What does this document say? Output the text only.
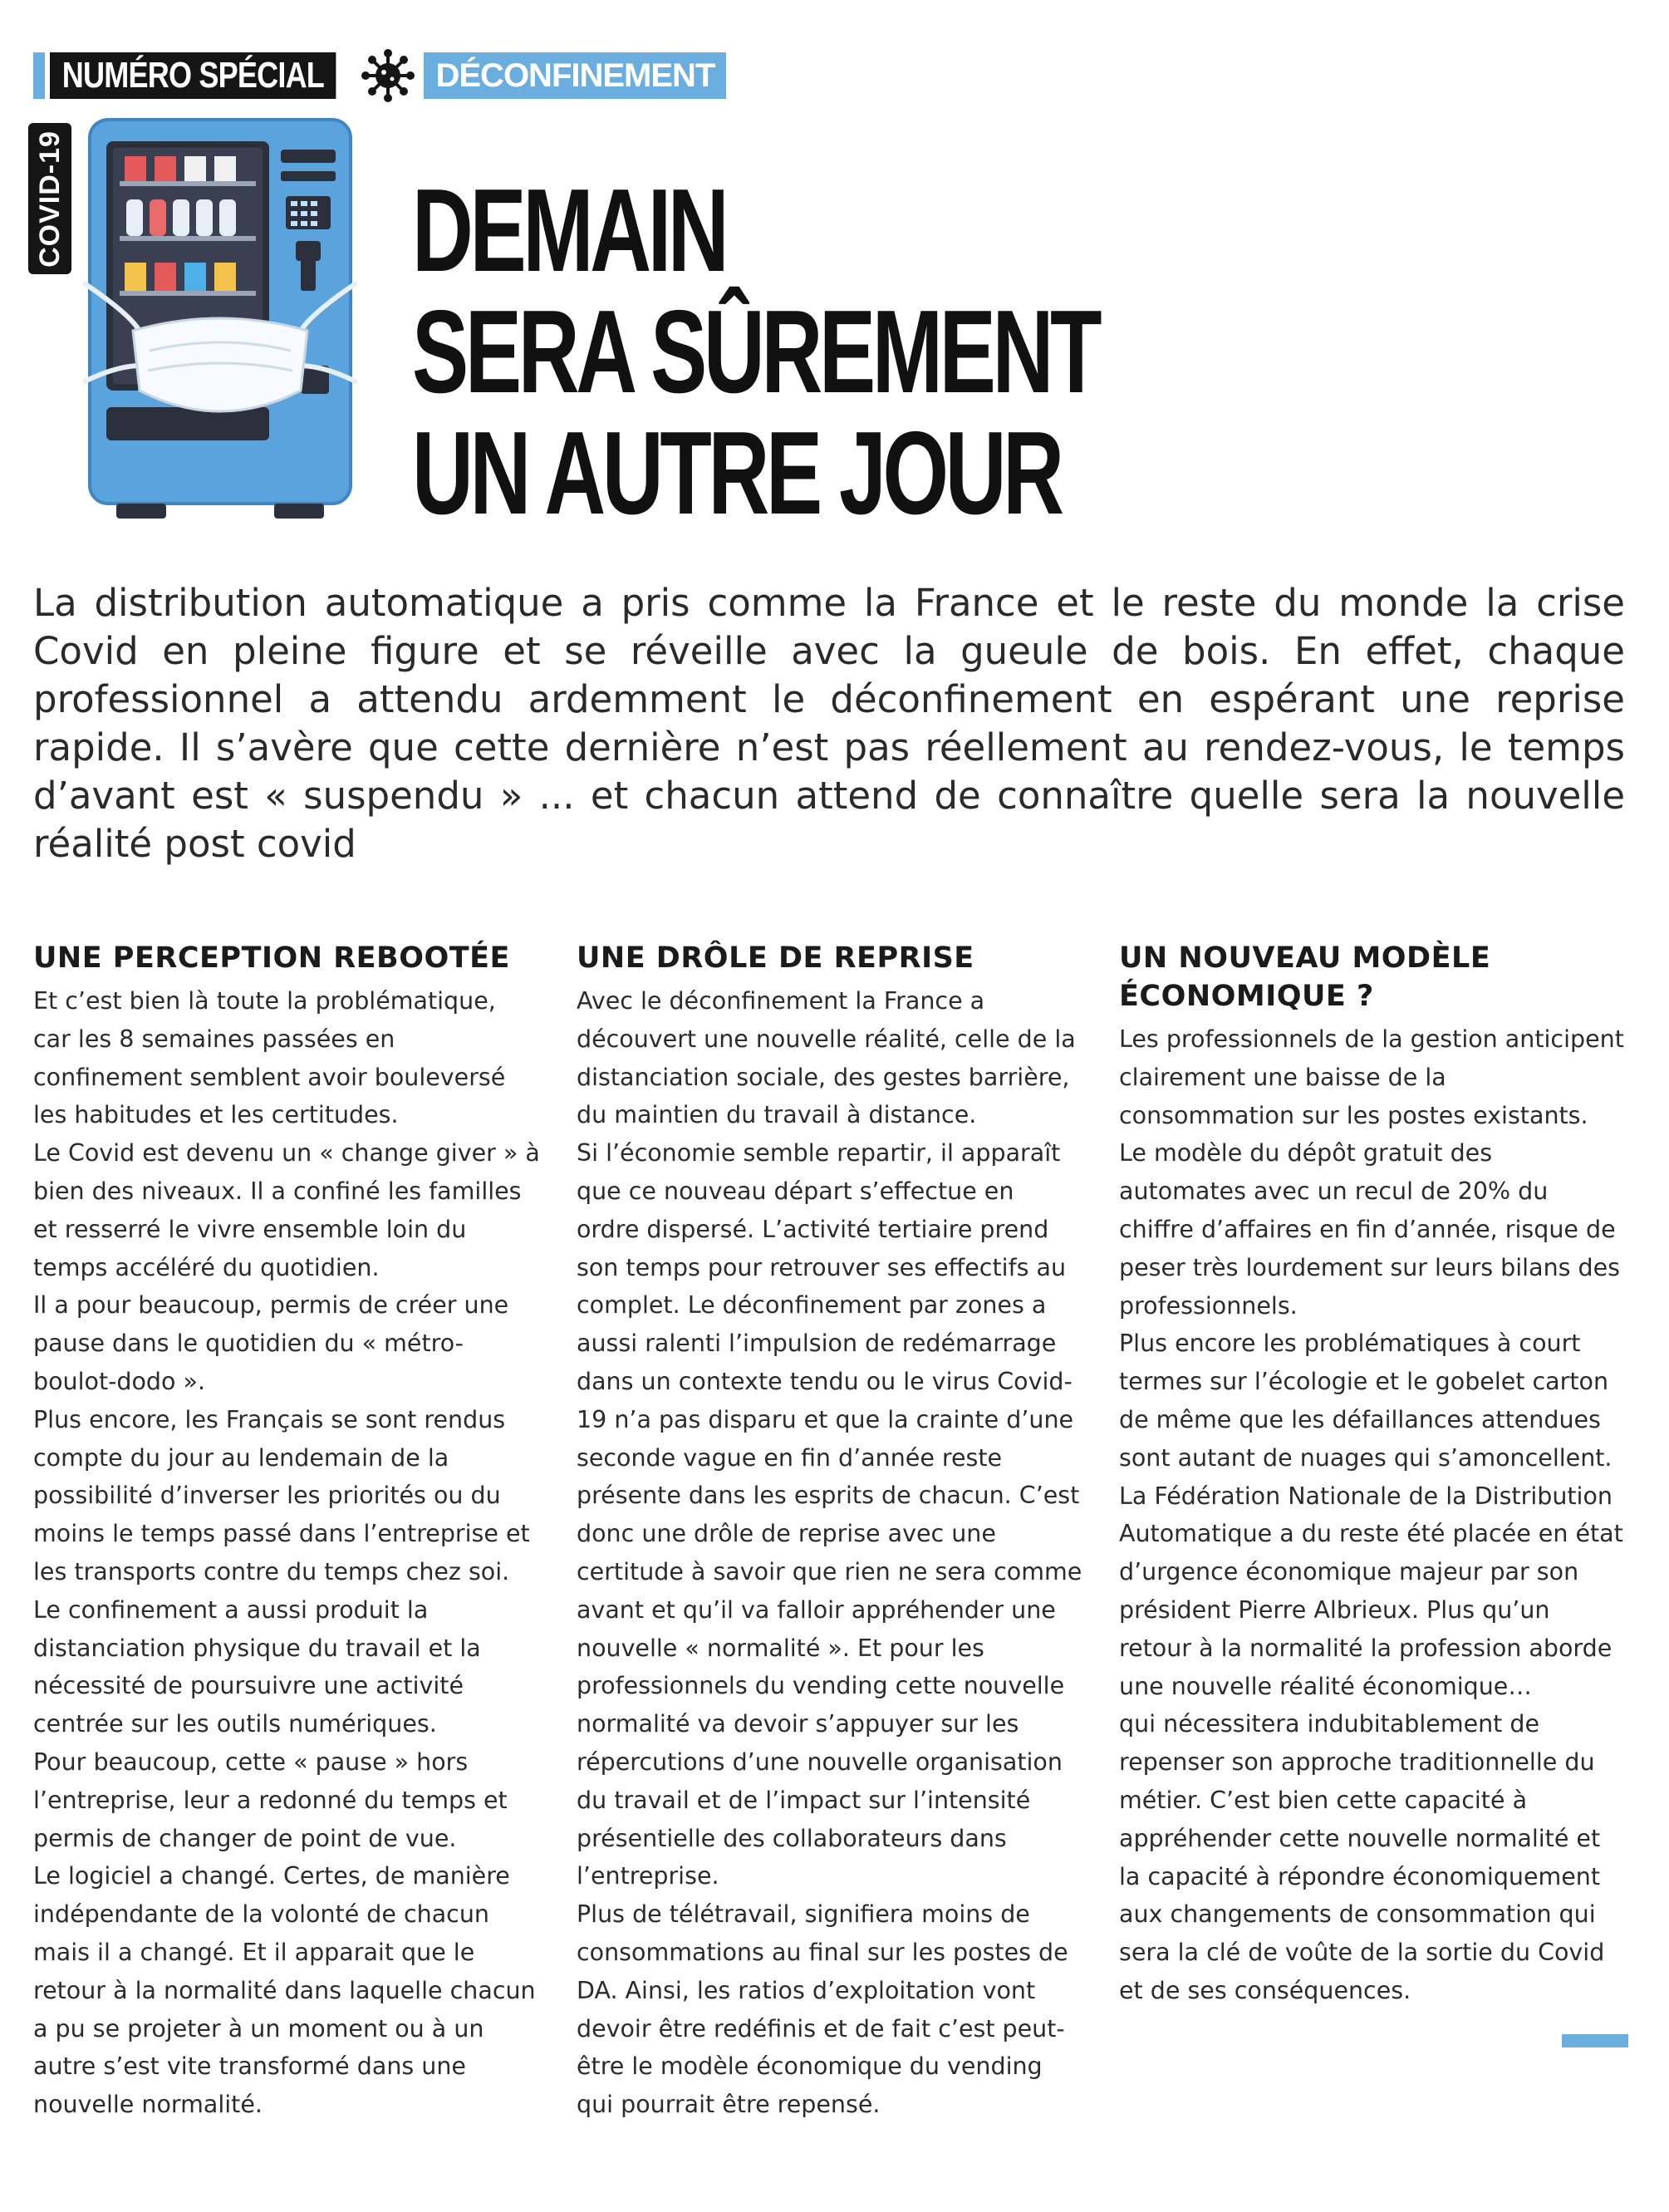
NUMÉRO SPÉCIAL	DÉCONFINEMENT
COVID-19	DEMAIN
SERA SÛREMENT
UN AUTRE JOUR
La distribution automatique a pris comme la France et le reste du monde la crise Covid en pleine figure et se réveille avec la gueule de bois. En effet, chaque professionnel a attendu ardemment le déconfinement en espérant une reprise rapide. Il s’avère que cette dernière n’est pas réellement au rendez-vous, le temps d’avant est « suspendu » ... et chacun attend de connaître quelle sera la nouvelle réalité post covid
UNE PERCEPTION REBOOTÉE

Et c’est bien là toute la problématique, car les 8 semaines passées en confinement semblent avoir bouleversé les habitudes et les certitudes.

Le Covid est devenu un « change giver » à bien des niveaux. Il a confiné les familles et resserré le vivre ensemble loin du temps accéléré du quotidien.

Il a pour beaucoup, permis de créer une pause dans le quotidien du « métro-boulot-dodo ».

Plus encore, les Français se sont rendus compte du jour au lendemain de la possibilité d’inverser les priorités ou du moins le temps passé dans l’entreprise et les transports contre du temps chez soi. Le confinement a aussi produit la distanciation physique du travail et la nécessité de poursuivre une activité centrée sur les outils numériques.

Pour beaucoup, cette « pause » hors l’entreprise, leur a redonné du temps et permis de changer de point de vue.

Le logiciel a changé. Certes, de manière indépendante de la volonté de chacun mais il a changé. Et il apparait que le retour à la normalité dans laquelle chacun a pu se projeter à un moment ou à un autre s’est vite transformé dans une nouvelle normalité.

UNE DRÔLE DE REPRISE

Avec le déconfinement la France a découvert une nouvelle réalité, celle de la distanciation sociale, des gestes barrière, du maintien du travail à distance.

Si l’économie semble repartir, il apparaît que ce nouveau départ s’effectue en ordre dispersé. L’activité tertiaire prend son temps pour retrouver ses effectifs au complet. Le déconfinement par zones a aussi ralenti l’impulsion de redémarrage dans un contexte tendu ou le virus Covid-19 n’a pas disparu et que la crainte d’une seconde vague en fin d’année reste présente dans les esprits de chacun. C’est donc une drôle de reprise avec une certitude à savoir que rien ne sera comme avant et qu’il va falloir appréhender une nouvelle « normalité ». Et pour les professionnels du vending cette nouvelle normalité va devoir s’appuyer sur les répercutions d’une nouvelle organisation du travail et de l’impact sur l’intensité présentielle des collaborateurs dans l’entreprise.

Plus de télétravail, signifiera moins de consommations au final sur les postes de DA. Ainsi, les ratios d’exploitation vont devoir être redéfinis et de fait c’est peut-être le modèle économique du vending qui pourrait être repensé.

UN NOUVEAU MODÈLE ÉCONOMIQUE ?

Les professionnels de la gestion anticipent clairement une baisse de la consommation sur les postes existants.

Le modèle du dépôt gratuit des automates avec un recul de 20% du chiffre d’affaires en fin d’année, risque de peser très lourdement sur leurs bilans des professionnels.

Plus encore les problématiques à court termes sur l’écologie et le gobelet carton de même que les défaillances attendues sont autant de nuages qui s’amoncellent. La Fédération Nationale de la Distribution Automatique a du reste été placée en état d’urgence économique majeur par son président Pierre Albrieux. Plus qu’un

retour à la normalité la profession aborde une nouvelle réalité économique…

qui nécessitera indubitablement de repenser son approche traditionnelle du métier. C’est bien cette capacité à appréhender cette nouvelle normalité et la capacité à répondre économiquement aux changements de consommation qui sera la clé de voûte de la sortie du Covid et de ses conséquences.
